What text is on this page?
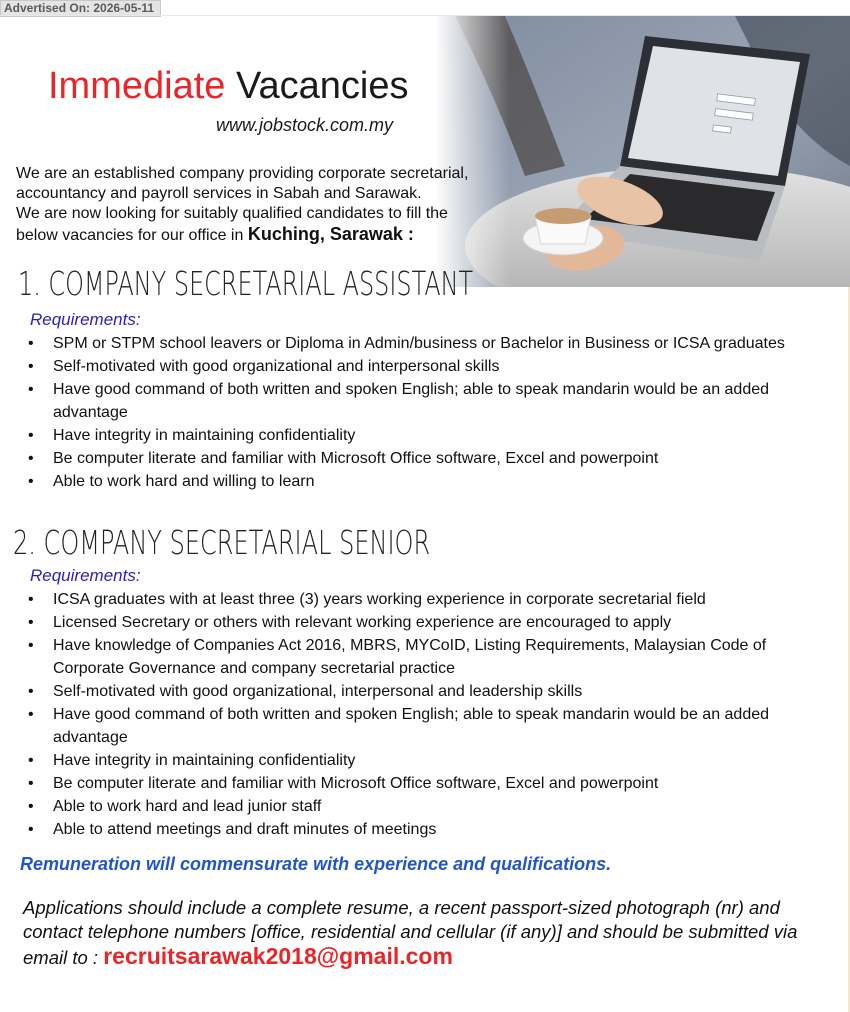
Advertised On: 2026-05-11
Immediate Vacancies
www.jobstock.com.my

We are an established company providing corporate secretarial,

accountancy and payroll services in Sabah and Sarawak.

We are now looking for suitably qualified candidates to fill the

below vacancies for our office in Kuching, Sarawak :

1. COMPANY SECRETARIAL ASSISTANT
Requirements:
• SPM or STPM school leavers or Diploma in Admin/business or Bachelor in Business or ICSA graduates
• Self-motivated with good organizational and interpersonal skills
• Have good command of both written and spoken English; able to speak mandarin would be an added advantage
• Have integrity in maintaining confidentiality
• Be computer literate and familiar with Microsoft Office software, Excel and powerpoint
• Able to work hard and willing to learn
2. COMPANY SECRETARIAL SENIOR
Requirements:
• ICSA graduates with at least three (3) years working experience in corporate secretarial field
• Licensed Secretary or others with relevant working experience are encouraged to apply
• Have knowledge of Companies Act 2016, MBRS, MYCoID, Listing Requirements, Malaysian Code of Corporate Governance and company secretarial practice
• Self-motivated with good organizational, interpersonal and leadership skills
• Have good command of both written and spoken English; able to speak mandarin would be an added advantage
• Have integrity in maintaining confidentiality
• Be computer literate and familiar with Microsoft Office software, Excel and powerpoint
• Able to work hard and lead junior staff
• Able to attend meetings and draft minutes of meetings
Remuneration will commensurate with experience and qualifications.
Applications should include a complete resume, a recent passport-sized photograph (nr) and contact telephone numbers [office, residential and cellular (if any)] and should be submitted via email to : recruitsarawak2018@gmail.com
